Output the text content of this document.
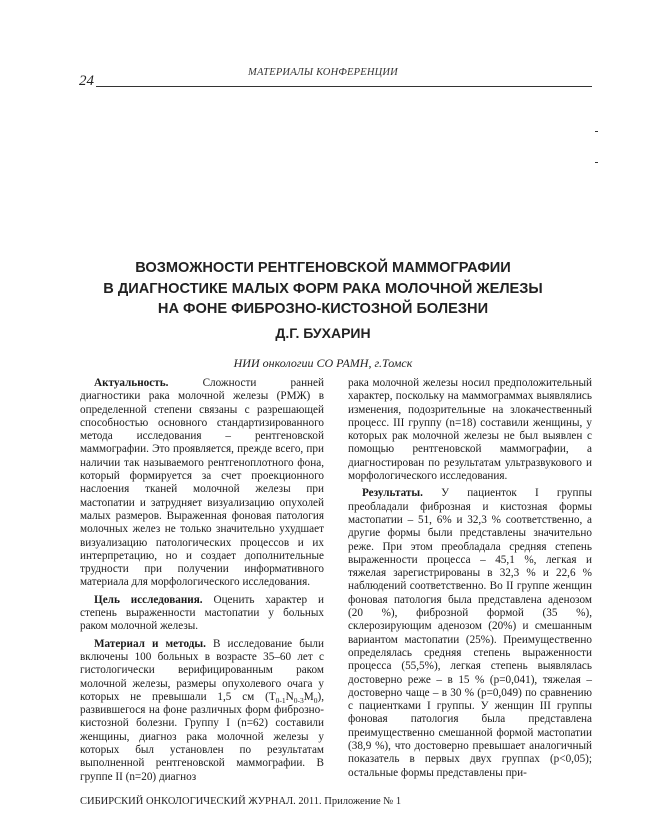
24
МАТЕРИАЛЫ КОНФЕРЕНЦИИ
ВОЗМОЖНОСТИ РЕНТГЕНОВСКОЙ МАММОГРАФИИ
В ДИАГНОСТИКЕ МАЛЫХ ФОРМ РАКА МОЛОЧНОЙ ЖЕЛЕЗЫ
НА ФОНЕ ФИБРОЗНО-КИСТОЗНОЙ БОЛЕЗНИ
Д.Г. БУХАРИН
НИИ онкологии СО РАМН, г.Томск

Актуальность. Сложности ранней диагностики рака молочной железы (РМЖ) в определенной степени связаны с разрешающей способностью основного стандартизированного метода исследования – рентгеновской маммографии. Это проявляется, прежде всего, при наличии так называемого рентгеноплотного фона, который формируется за счет проекционного наслоения тканей молочной железы при мастопатии и затрудняет визуализацию опухолей малых размеров. Выраженная фоновая патология молочных желез не только значительно ухудшает визуализацию патологических процессов и их интерпретацию, но и создает дополнительные трудности при получении информативного материала для морфологического исследования.

Цель исследования. Оценить характер и степень выраженности мастопатии у больных раком молочной железы.

Материал и методы. В исследование были включены 100 больных в возрасте 35–60 лет с гистологически верифицированным раком молочной железы, размеры опухолевого очага у которых не превышали 1,5 см $(T_{0-1}N_{0-3}M_0)$, развившегося на фоне различных форм фиброзно-кистозной болезни. Группу I (n=62) составили женщины, диагноз рака молочной железы у которых был установлен по результатам выполненной рентгеновской маммографии. В группе II (n=20) диагноз

рака молочной железы носил предположительный характер, поскольку на маммограммах выявлялись изменения, подозрительные на злокачественный процесс. III группу (n=18) составили женщины, у которых рак молочной железы не был выявлен с помощью рентгеновской маммографии, а диагностирован по результатам ультразвукового и морфологического исследования.

Результаты. У пациенток I группы преобладали фиброзная и кистозная формы мастопатии – 51, 6% и 32,3 % соответственно, а другие формы были представлены значительно реже. При этом преобладала средняя степень выраженности процесса – 45,1 %, легкая и тяжелая зарегистрированы в 32,3 % и 22,6 % наблюдений соответственно. Во II группе женщин фоновая патология была представлена аденозом (20 %), фиброзной формой (35 %), склерозирующим аденозом (20%) и смешанным вариантом мастопатии (25%). Преимущественно определялась средняя степень выраженности процесса (55,5%), легкая степень выявлялась достоверно реже – в 15 % (p=0,041), тяжелая – достоверно чаще – в 30 % (p=0,049) по сравнению с пациентками I группы. У женщин III группы фоновая патология была представлена преимущественно смешанной формой мастопатии (38,9 %), что достоверно превышает аналогичный показатель в первых двух группах (p<0,05); остальные формы представлены при-

СИБИРСКИЙ ОНКОЛОГИЧЕСКИЙ ЖУРНАЛ. 2011. Приложение № 1
